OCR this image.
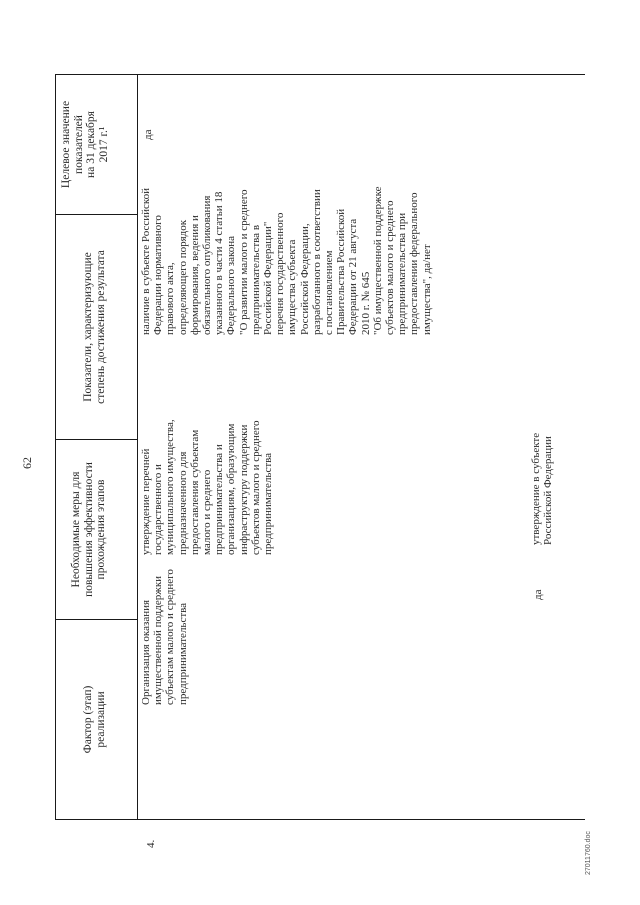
62
Фактор (этап)
реализации
Необходимые меры для
повышения эффективности
прохождения этапов
Показатели, характеризующие
степень достижения результата
Целевое значение
показателей
на 31 декабря
2017 г.¹
4.
Организация оказания
имущественной поддержки
субъектам малого и среднего
предпринимательства
утверждение перечней
государственного и
муниципального имущества,
предназначенного для
предоставления субъектам
малого и среднего
предпринимательства и
организациям, образующим
инфраструктуру поддержки
субъектов малого и среднего
предпринимательства
наличие в субъекте Российской
Федерации нормативного
правового акта,
определяющего порядок
формирования, ведения и
обязательного опубликования
указанного в части 4 статьи 18
Федерального закона
"О развитии малого и среднего
предпринимательства в
Российской Федерации"
перечня государственного
имущества субъекта
Российской Федерации,
разработанного в соответствии
с постановлением
Правительства Российской
Федерации от 21 августа
2010 г. № 645
"Об имущественной поддержке
субъектов малого и среднего
предпринимательства при
предоставлении федерального
имущества", да/нет
да
утверждение в субъекте
Российской Федерации
да
27011760.doc
